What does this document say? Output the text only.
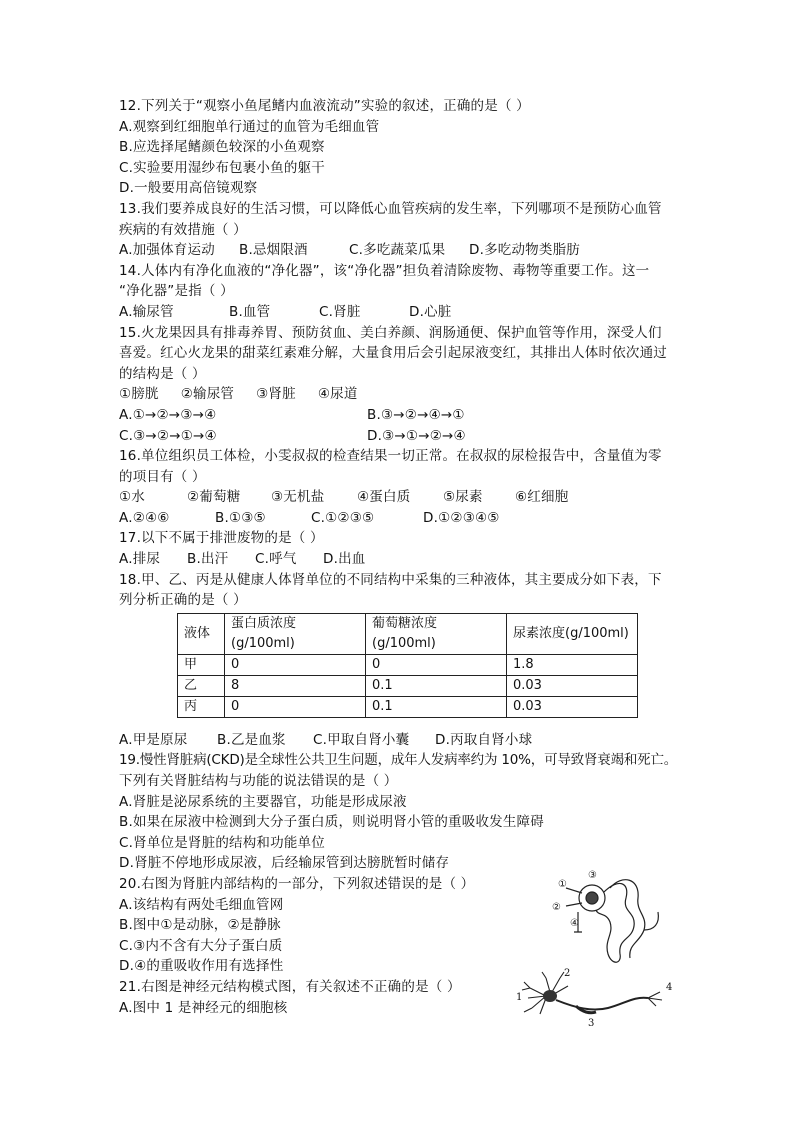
12.下列关于“观察小鱼尾鳍内血液流动”实验的叙述，正确的是（ ）
A.观察到红细胞单行通过的血管为毛细血管
B.应选择尾鳍颜色较深的小鱼观察
C.实验要用湿纱布包裹小鱼的躯干
D.一般要用高倍镜观察
13.我们要养成良好的生活习惯，可以降低心血管疾病的发生率，下列哪项不是预防心血管
疾病的有效措施（ ）
A.加强体育运动	B.忌烟限酒	C.多吃蔬菜瓜果	D.多吃动物类脂肪
14.人体内有净化血液的“净化器”，该“净化器”担负着清除废物、毒物等重要工作。这一
“净化器”是指（ ）
A.输尿管	B.血管	C.肾脏	D.心脏
15.火龙果因具有排毒养胃、预防贫血、美白养颜、润肠通便、保护血管等作用，深受人们
喜爱。红心火龙果的甜菜红素难分解，大量食用后会引起尿液变红，其排出人体时依次通过
的结构是（ ）
①膀胱 ②输尿管 ③肾脏 ④尿道
A.①→②→③→④	B.③→②→④→①
C.③→②→①→④	D.③→①→②→④
16.单位组织员工体检，小雯叔叔的检查结果一切正常。在叔叔的尿检报告中，含量值为零
的项目有（ ）
①水	②葡萄糖	③无机盐	④蛋白质	⑤尿素	⑥红细胞
A.②④⑥	B.①③⑤	C.①②③⑤	D.①②③④⑤
17.以下不属于排泄废物的是（ ）
A.排尿	B.出汗	C.呼气	D.出血
18.甲、乙、丙是从健康人体肾单位的不同结构中采集的三种液体，其主要成分如下表，下
列分析正确的是（ ）
液体	蛋白质浓度(g/100ml)	葡萄糖浓度(g/100ml)	尿素浓度(g/100ml)
甲	0	0	1.8
乙	8	0.1	0.03
丙	0	0.1	0.03
A.甲是原尿	B.乙是血浆	C.甲取自肾小囊	D.丙取自肾小球
19.慢性肾脏病(CKD)是全球性公共卫生问题，成年人发病率约为 10%，可导致肾衰竭和死亡。
下列有关肾脏结构与功能的说法错误的是（ ）
A.肾脏是泌尿系统的主要器官，功能是形成尿液
B.如果在尿液中检测到大分子蛋白质，则说明肾小管的重吸收发生障碍
C.肾单位是肾脏的结构和功能单位
D.肾脏不停地形成尿液，后经输尿管到达膀胱暂时储存
20.右图为肾脏内部结构的一部分，下列叙述错误的是（ ）
A.该结构有两处毛细血管网
B.图中①是动脉，②是静脉
C.③内不含有大分子蛋白质
D.④的重吸收作用有选择性
21.右图是神经元结构模式图，有关叙述不正确的是（ ）
A.图中 1 是神经元的细胞核
①
②
③
④
1
2
3
4
